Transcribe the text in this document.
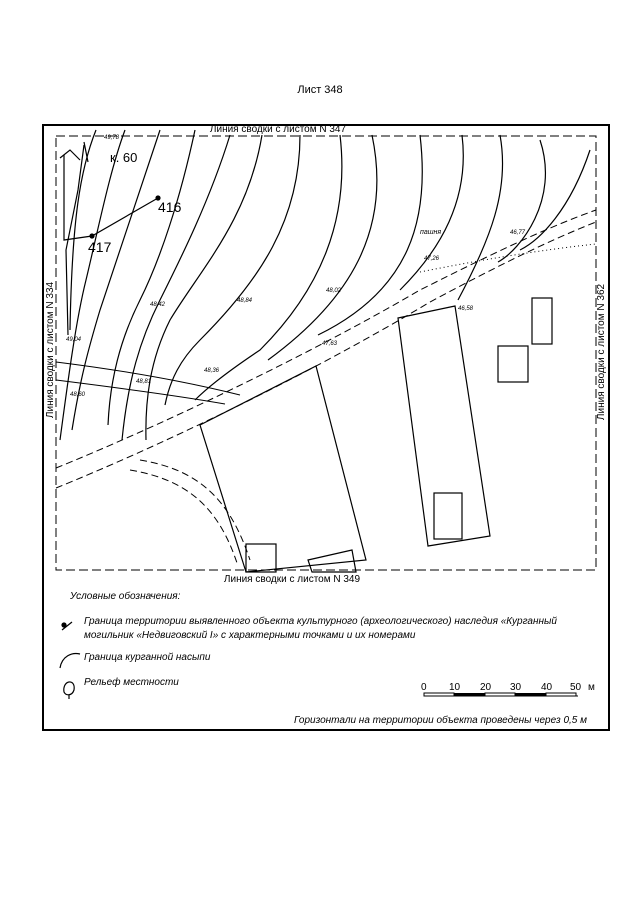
Лист 348
Линия сводки с листом N 347
Линия сводки с листом N 349
Линия сводки с листом N 334	Линия сводки с листом N 362
416
417
к. 60
пашня
49,78
48,42
48,84
48,02
47,63
48,36
48,81
49,04
48,60
46,58
47,26
46,77
Условные обозначения:
Граница территории выявленного объекта культурного (археологического) наследия «Курганный
могильник «Недвиговский I» с характерными точками и их номерами
Граница курганной насыпи
Рельеф местности	0 10 20 30 40 50 м
Горизонтали на территории объекта проведены через 0,5 м
